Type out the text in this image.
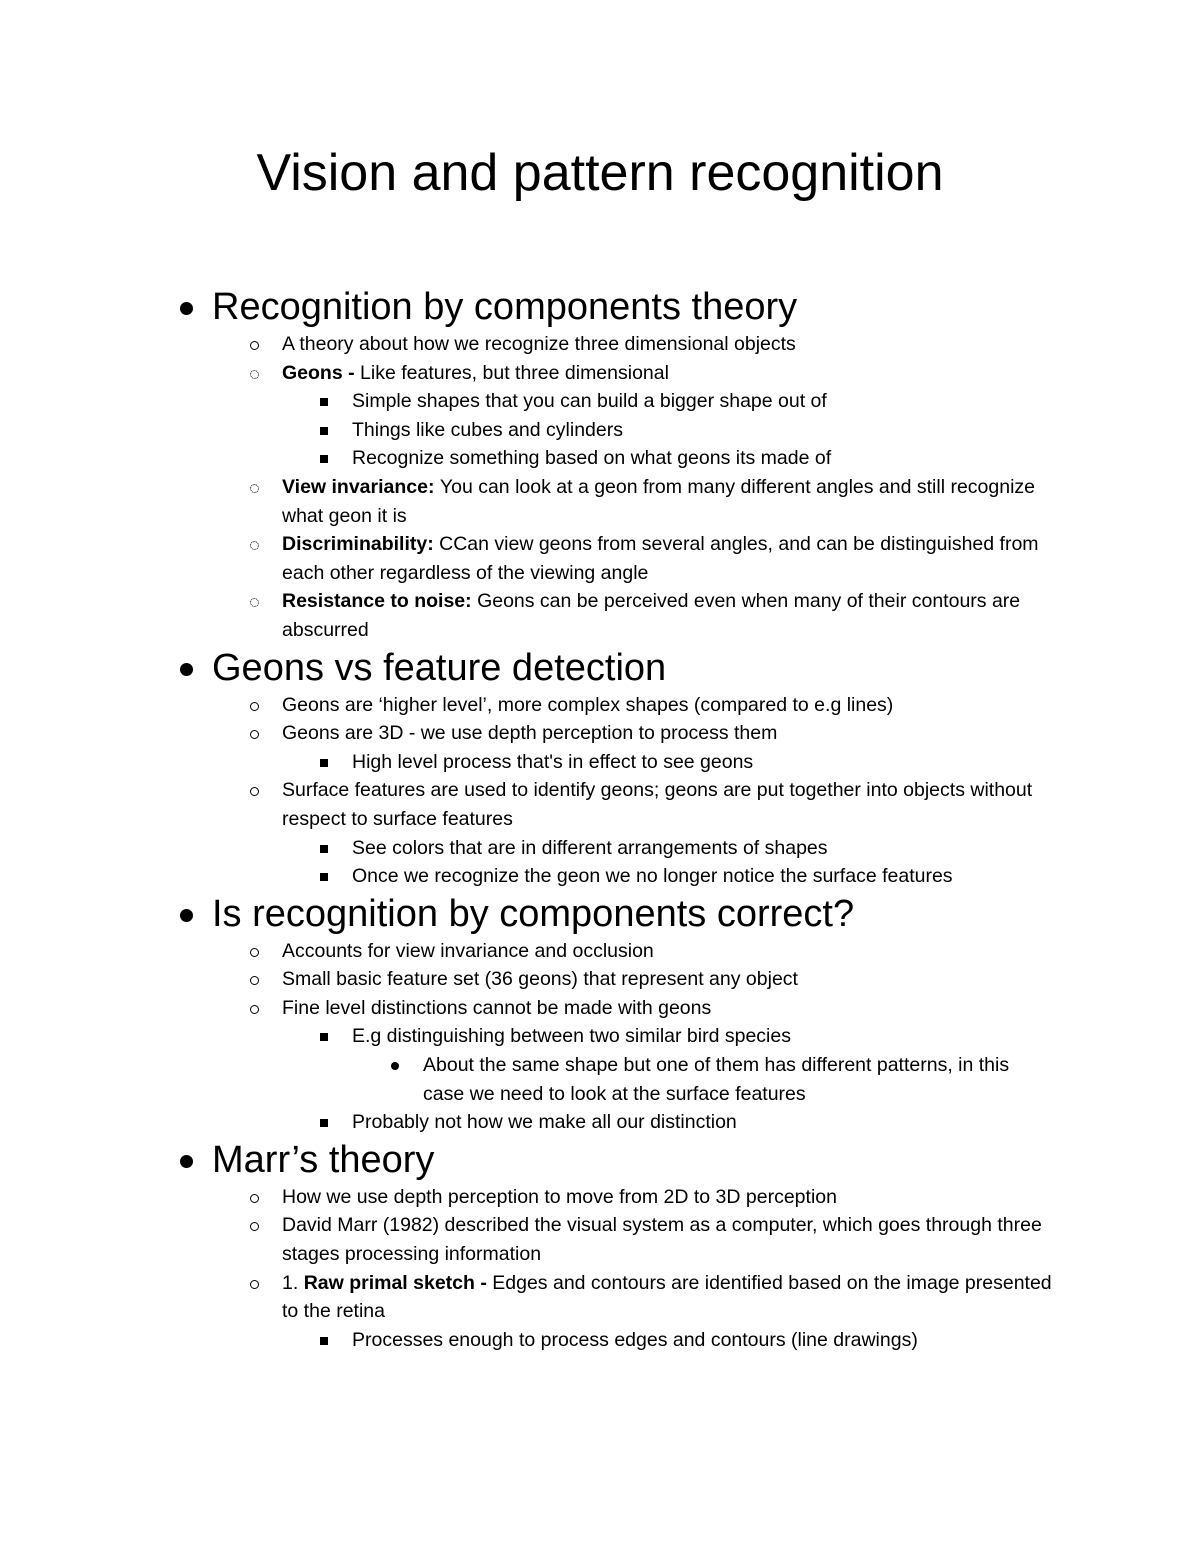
Vision and pattern recognition
Recognition by components theory

A theory about how we recognize three dimensional objects

Geons - Like features, but three dimensional

Simple shapes that you can build a bigger shape out of

Things like cubes and cylinders

Recognize something based on what geons its made of

View invariance: You can look at a geon from many different angles and still recognize what geon it is

Discriminability: CCan view geons from several angles, and can be distinguished from each other regardless of the viewing angle

Resistance to noise: Geons can be perceived even when many of their contours are abscurred

Geons vs feature detection

Geons are ‘higher level’, more complex shapes (compared to e.g lines)

Geons are 3D - we use depth perception to process them

High level process that's in effect to see geons

Surface features are used to identify geons; geons are put together into objects without respect to surface features

See colors that are in different arrangements of shapes

Once we recognize the geon we no longer notice the surface features

Is recognition by components correct?

Accounts for view invariance and occlusion

Small basic feature set (36 geons) that represent any object

Fine level distinctions cannot be made with geons

E.g distinguishing between two similar bird species

About the same shape but one of them has different patterns, in this case we need to look at the surface features

Probably not how we make all our distinction

Marr’s theory

How we use depth perception to move from 2D to 3D perception

David Marr (1982) described the visual system as a computer, which goes through three stages processing information

1. Raw primal sketch - Edges and contours are identified based on the image presented to the retina

Processes enough to process edges and contours (line drawings)
